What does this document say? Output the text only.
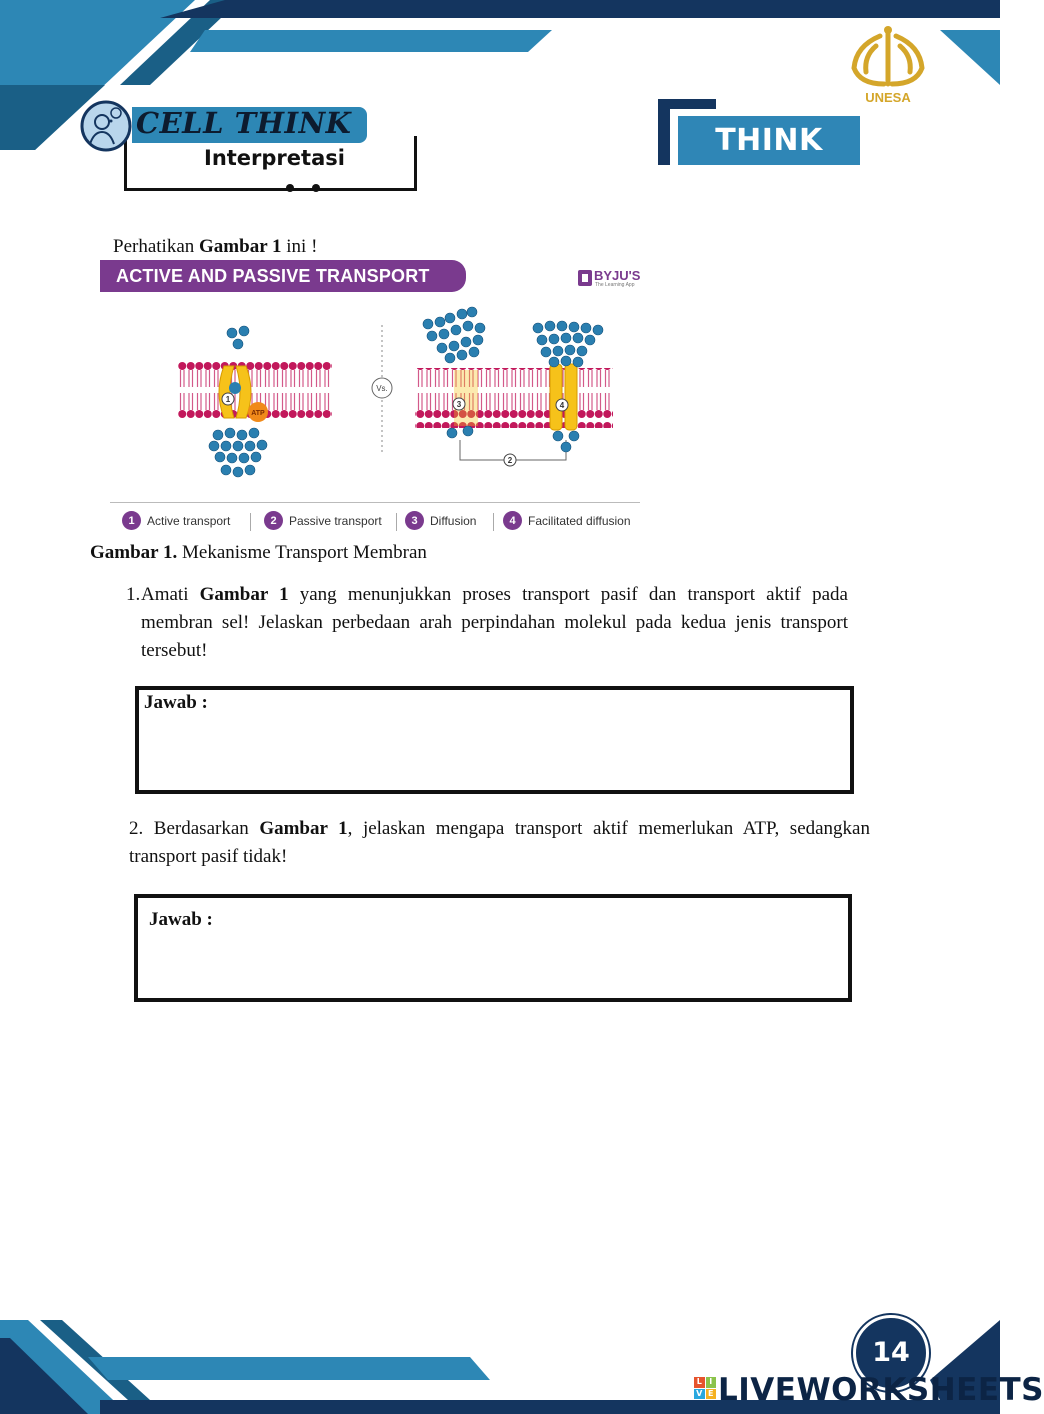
UNESA
CELL THINK
Interpretasi	THINK
Perhatikan Gambar 1 ini !
ACTIVE AND PASSIVE TRANSPORT	BYJU'S
The Learning App
ATP
Vs.
1
2
3	4
1	Active transport	2	Passive transport	3	Diffusion	4	Facilitated diffusion
Gambar 1. Mekanisme Transport Membran
1. Amati Gambar 1 yang menunjukkan proses transport pasif dan transport aktif pada membran sel! Jelaskan perbedaan arah perpindahan molekul pada kedua jenis transport tersebut!
Jawab :
2. Berdasarkan Gambar 1, jelaskan mengapa transport aktif memerlukan ATP, sedangkan transport pasif tidak!
Jawab :
14
L I
V E LIVEWORKSHEETS
